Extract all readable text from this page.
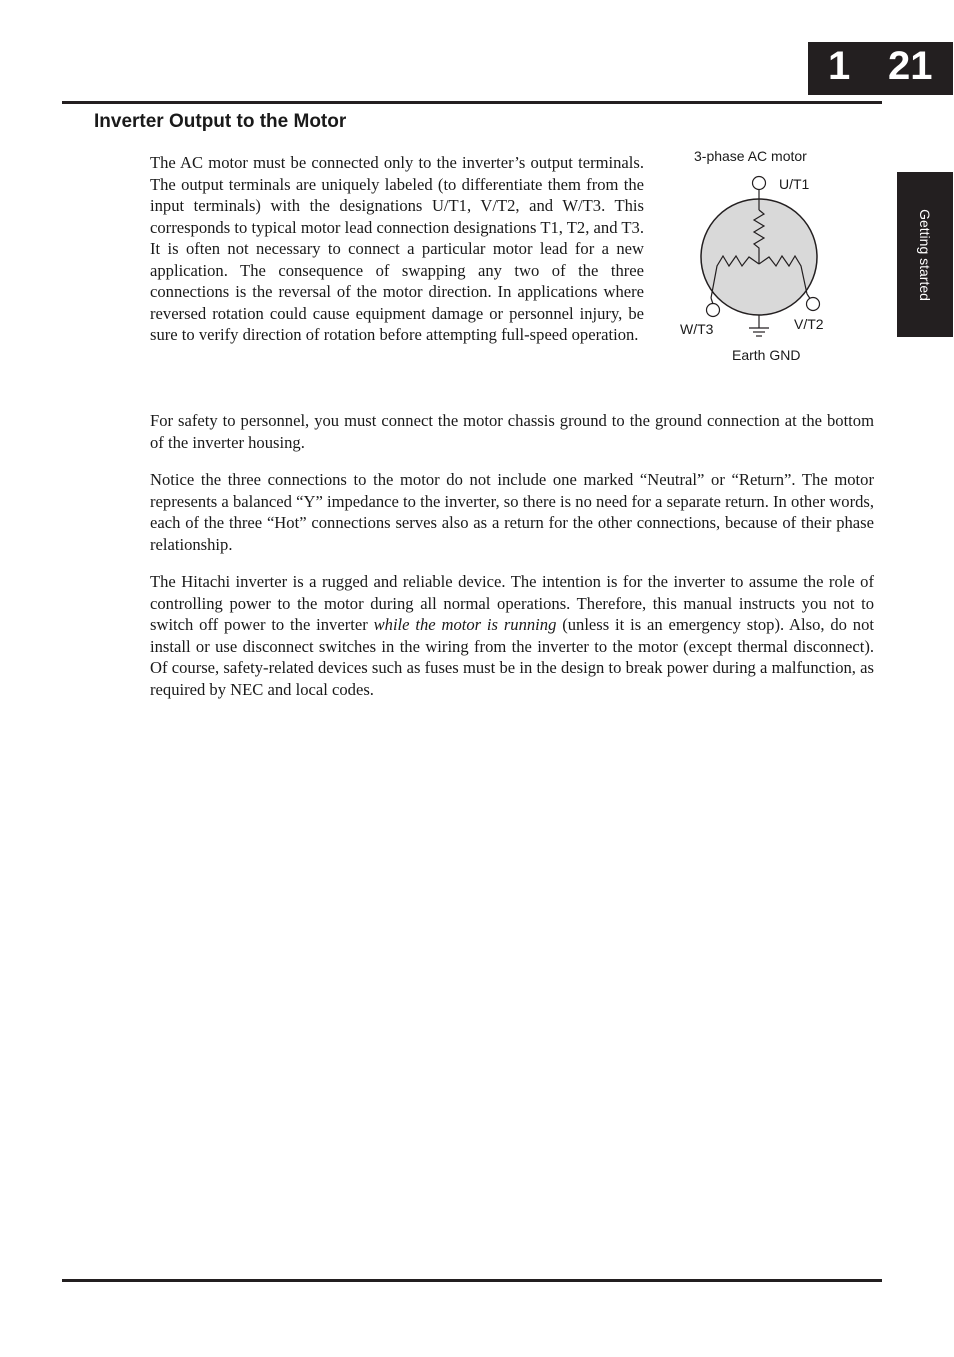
1 21
Getting started
Inverter Output to the Motor

The AC motor must be connected only to the inverter’s output terminals. The output terminals are uniquely labeled (to differentiate them from the input terminals) with the designations U/T1, V/T2, and W/T3. This corresponds to typical motor lead connection designations T1, T2, and T3. It is often not necessary to connect a particular motor lead for a new application. The consequence of swapping any two of the three connections is the reversal of the motor direction. In applications where reversed rotation could cause equipment damage or personnel injury, be sure to verify direction of rotation before attempting full-speed operation.

3-phase AC motor
U/T1
W/T3	V/T2
Earth GND

For safety to personnel, you must connect the motor chassis ground to the ground connection at the bottom of the inverter housing.

Notice the three connections to the motor do not include one marked “Neutral” or “Return”. The motor represents a balanced “Y” impedance to the inverter, so there is no need for a separate return. In other words, each of the three “Hot” connections serves also as a return for the other connections, because of their phase relationship.

The Hitachi inverter is a rugged and reliable device. The intention is for the inverter to assume the role of controlling power to the motor during all normal operations. Therefore, this manual instructs you not to switch off power to the inverter while the motor is running (unless it is an emergency stop). Also, do not install or use disconnect switches in the wiring from the inverter to the motor (except thermal disconnect). Of course, safety-related devices such as fuses must be in the design to break power during a malfunction, as required by NEC and local codes.
